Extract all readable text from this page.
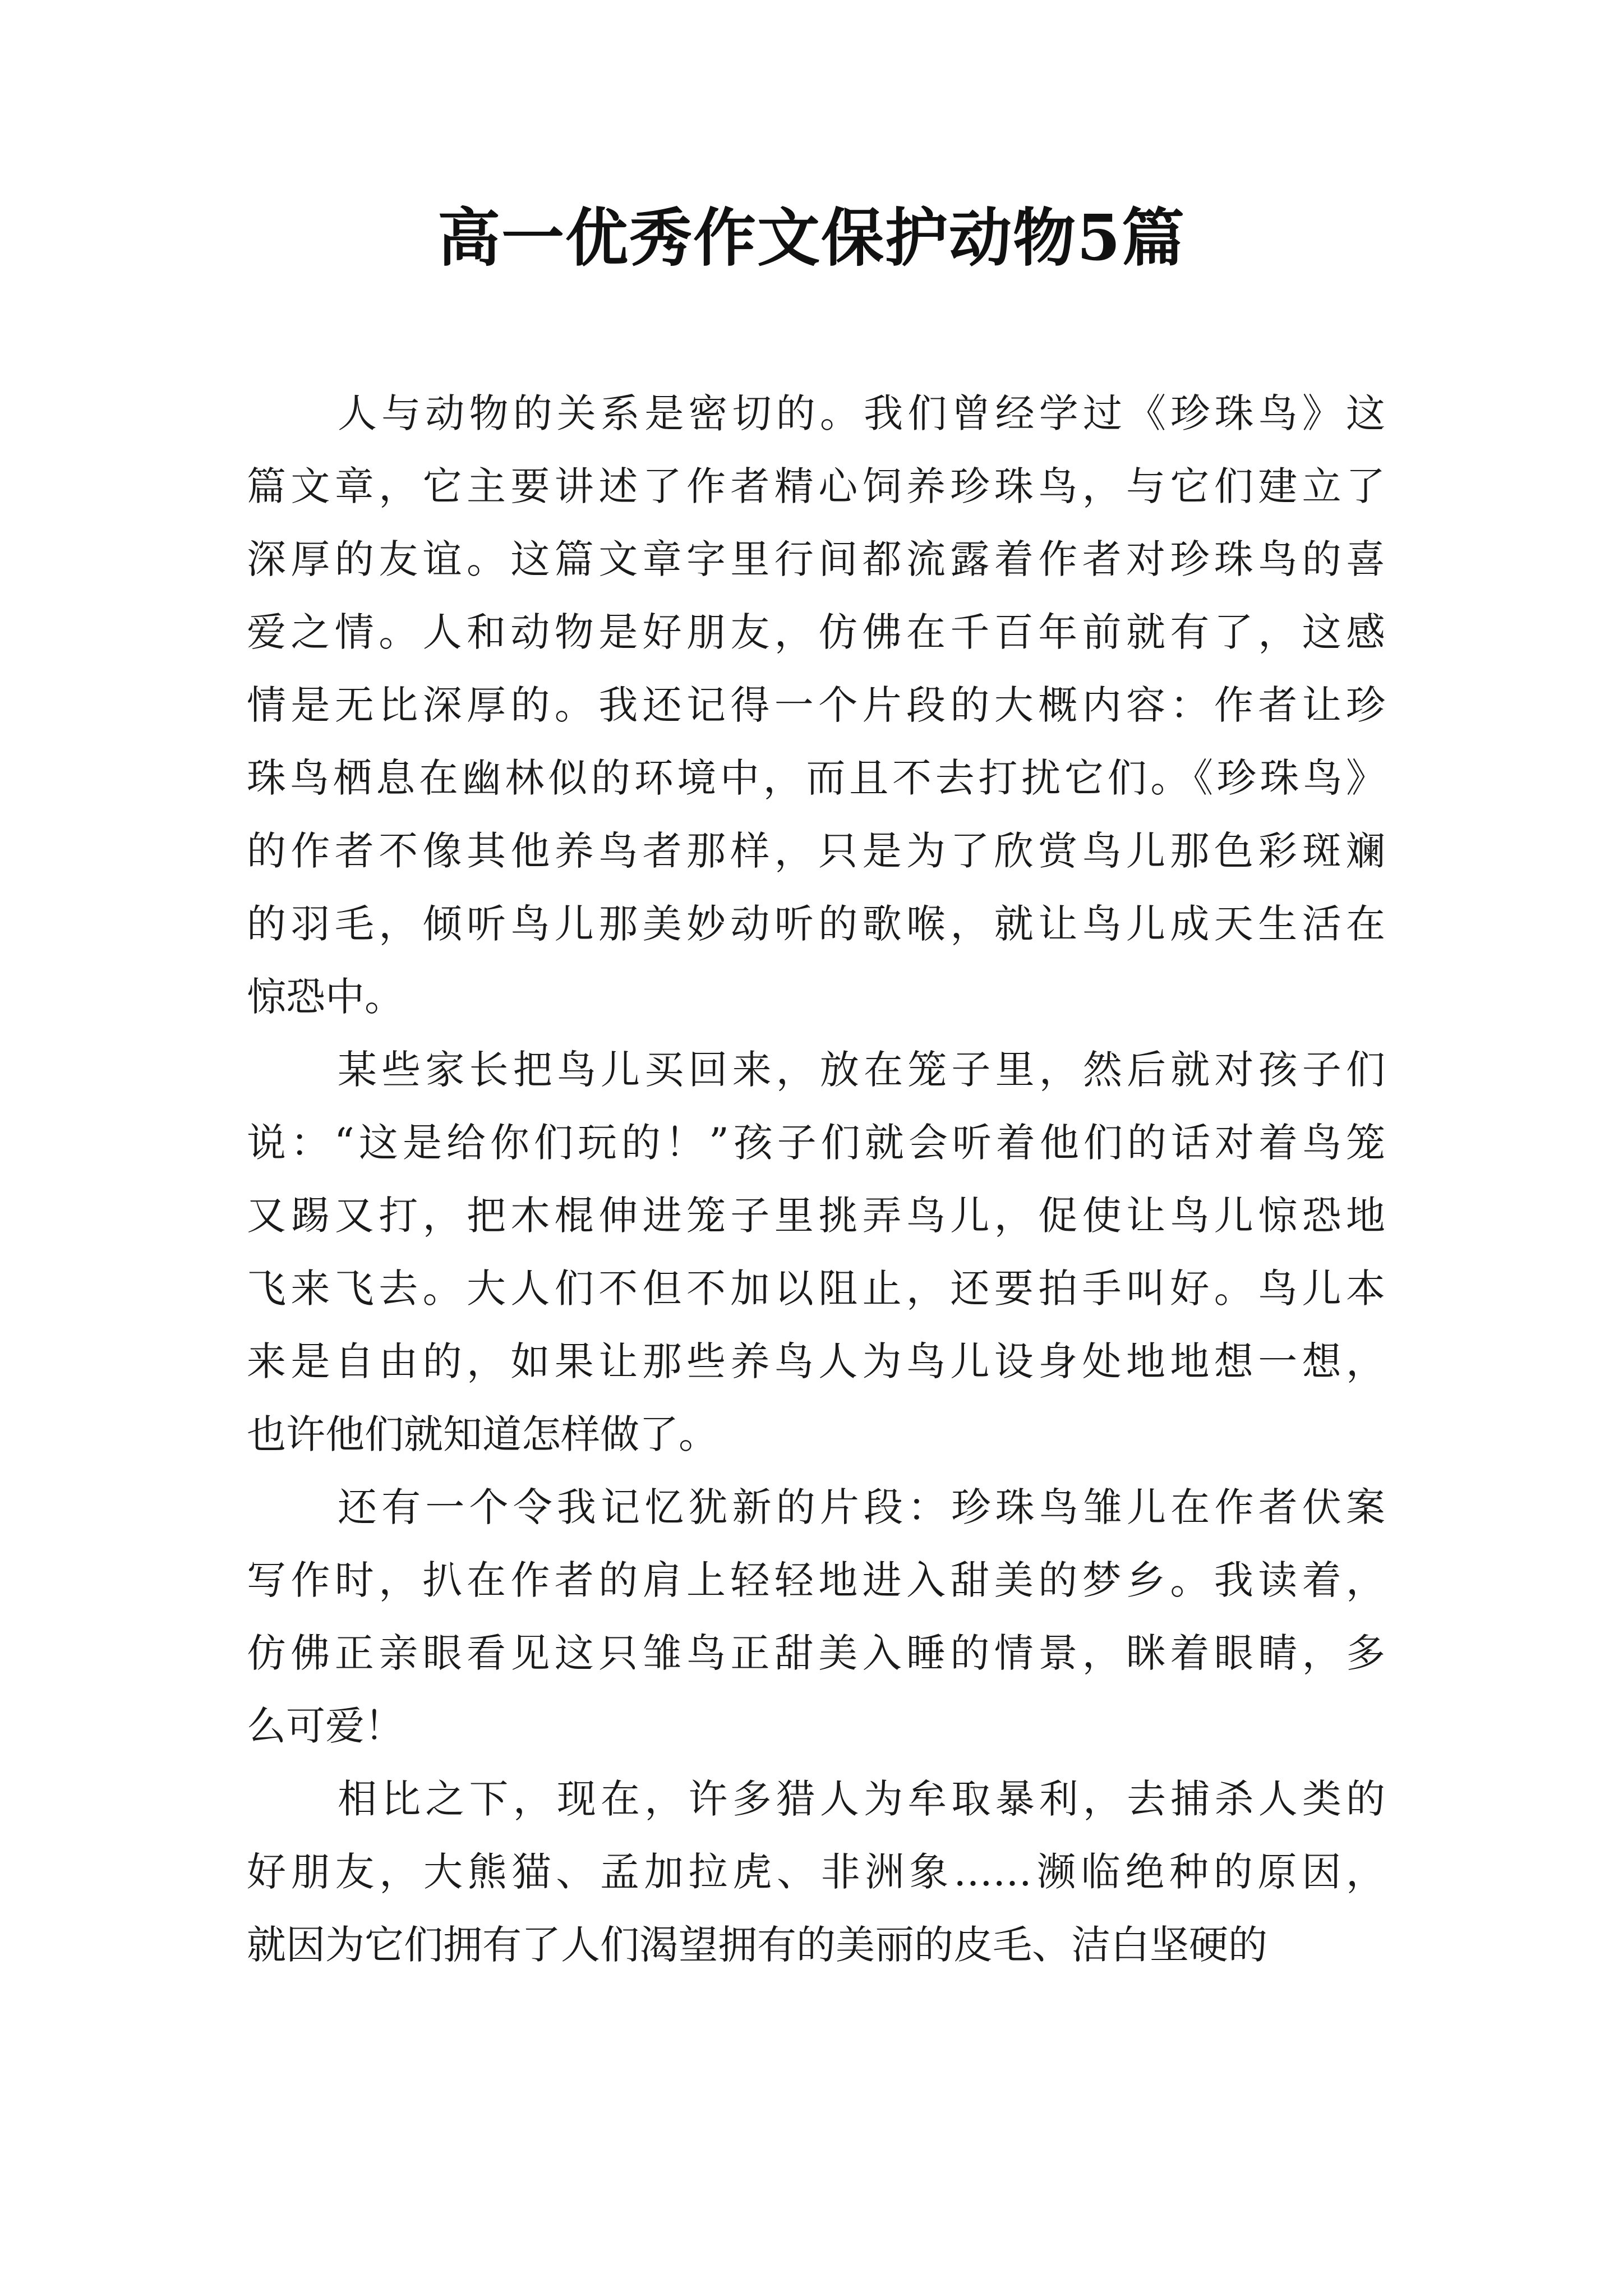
高一优秀作文保护动物5篇
人与动物的关系是密切的。我们曾经学过《珍珠鸟》这
篇文章，它主要讲述了作者精心饲养珍珠鸟，与它们建立了
深厚的友谊。这篇文章字里行间都流露着作者对珍珠鸟的喜
爱之情。人和动物是好朋友，仿佛在千百年前就有了，这感
情是无比深厚的。我还记得一个片段的大概内容：作者让珍
珠鸟栖息在幽林似的环境中，而且不去打扰它们。《珍珠鸟》
的作者不像其他养鸟者那样，只是为了欣赏鸟儿那色彩斑斓
的羽毛，倾听鸟儿那美妙动听的歌喉，就让鸟儿成天生活在
惊恐中。
某些家长把鸟儿买回来，放在笼子里，然后就对孩子们
说：“这是给你们玩的！”孩子们就会听着他们的话对着鸟笼
又踢又打，把木棍伸进笼子里挑弄鸟儿，促使让鸟儿惊恐地
飞来飞去。大人们不但不加以阻止，还要拍手叫好。鸟儿本
来是自由的，如果让那些养鸟人为鸟儿设身处地地想一想，
也许他们就知道怎样做了。
还有一个令我记忆犹新的片段：珍珠鸟雏儿在作者伏案
写作时，扒在作者的肩上轻轻地进入甜美的梦乡。我读着，
仿佛正亲眼看见这只雏鸟正甜美入睡的情景，眯着眼睛，多
么可爱！
相比之下，现在，许多猎人为牟取暴利，去捕杀人类的
好朋友，大熊猫、孟加拉虎、非洲象……濒临绝种的原因，
就因为它们拥有了人们渴望拥有的美丽的皮毛、洁白坚硬的
